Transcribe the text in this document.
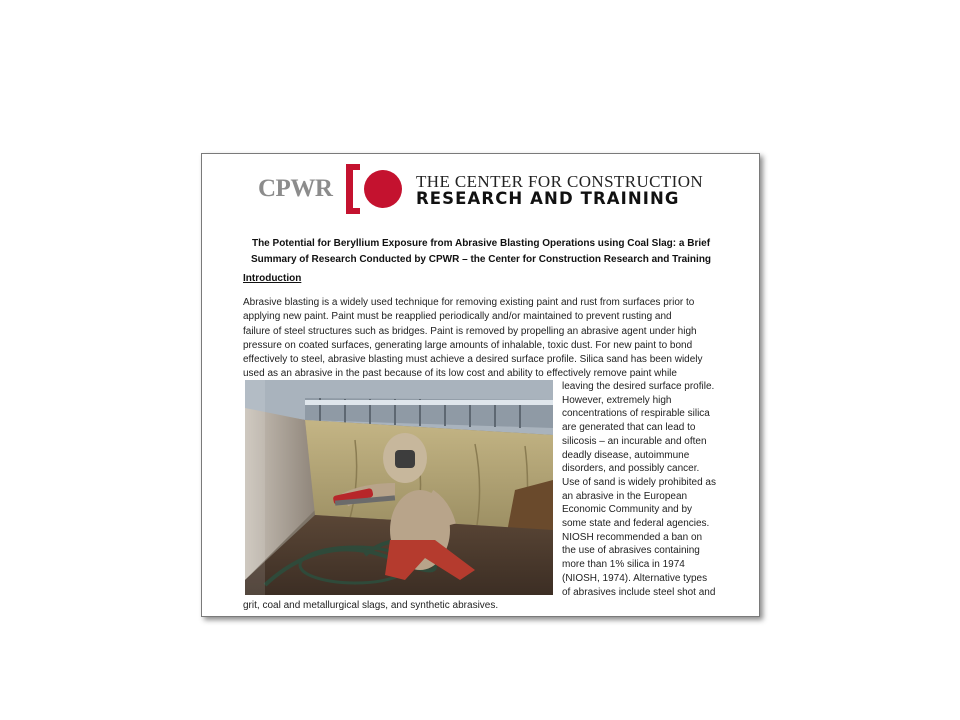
CPWR	THE CENTER FOR CONSTRUCTION
RESEARCH AND TRAINING

The Potential for Beryllium Exposure from Abrasive Blasting Operations using Coal Slag: a Brief
Summary of Research Conducted by CPWR – the Center for Construction Research and Training

Introduction

Abrasive blasting is a widely used technique for removing existing paint and rust from surfaces prior to
applying new paint. Paint must be reapplied periodically and/or maintained to prevent rusting and
failure of steel structures such as bridges. Paint is removed by propelling an abrasive agent under high
pressure on coated surfaces, generating large amounts of inhalable, toxic dust. For new paint to bond
effectively to steel, abrasive blasting must achieve a desired surface profile. Silica sand has been widely
used as an abrasive in the past because of its low cost and ability to effectively remove paint while

leaving the desired surface profile.
However, extremely high
concentrations of respirable silica
are generated that can lead to
silicosis – an incurable and often
deadly disease, autoimmune
disorders, and possibly cancer.
Use of sand is widely prohibited as
an abrasive in the European
Economic Community and by
some state and federal agencies.
NIOSH recommended a ban on
the use of abrasives containing
more than 1% silica in 1974
(NIOSH, 1974). Alternative types
of abrasives include steel shot and

grit, coal and metallurgical slags, and synthetic abrasives.
